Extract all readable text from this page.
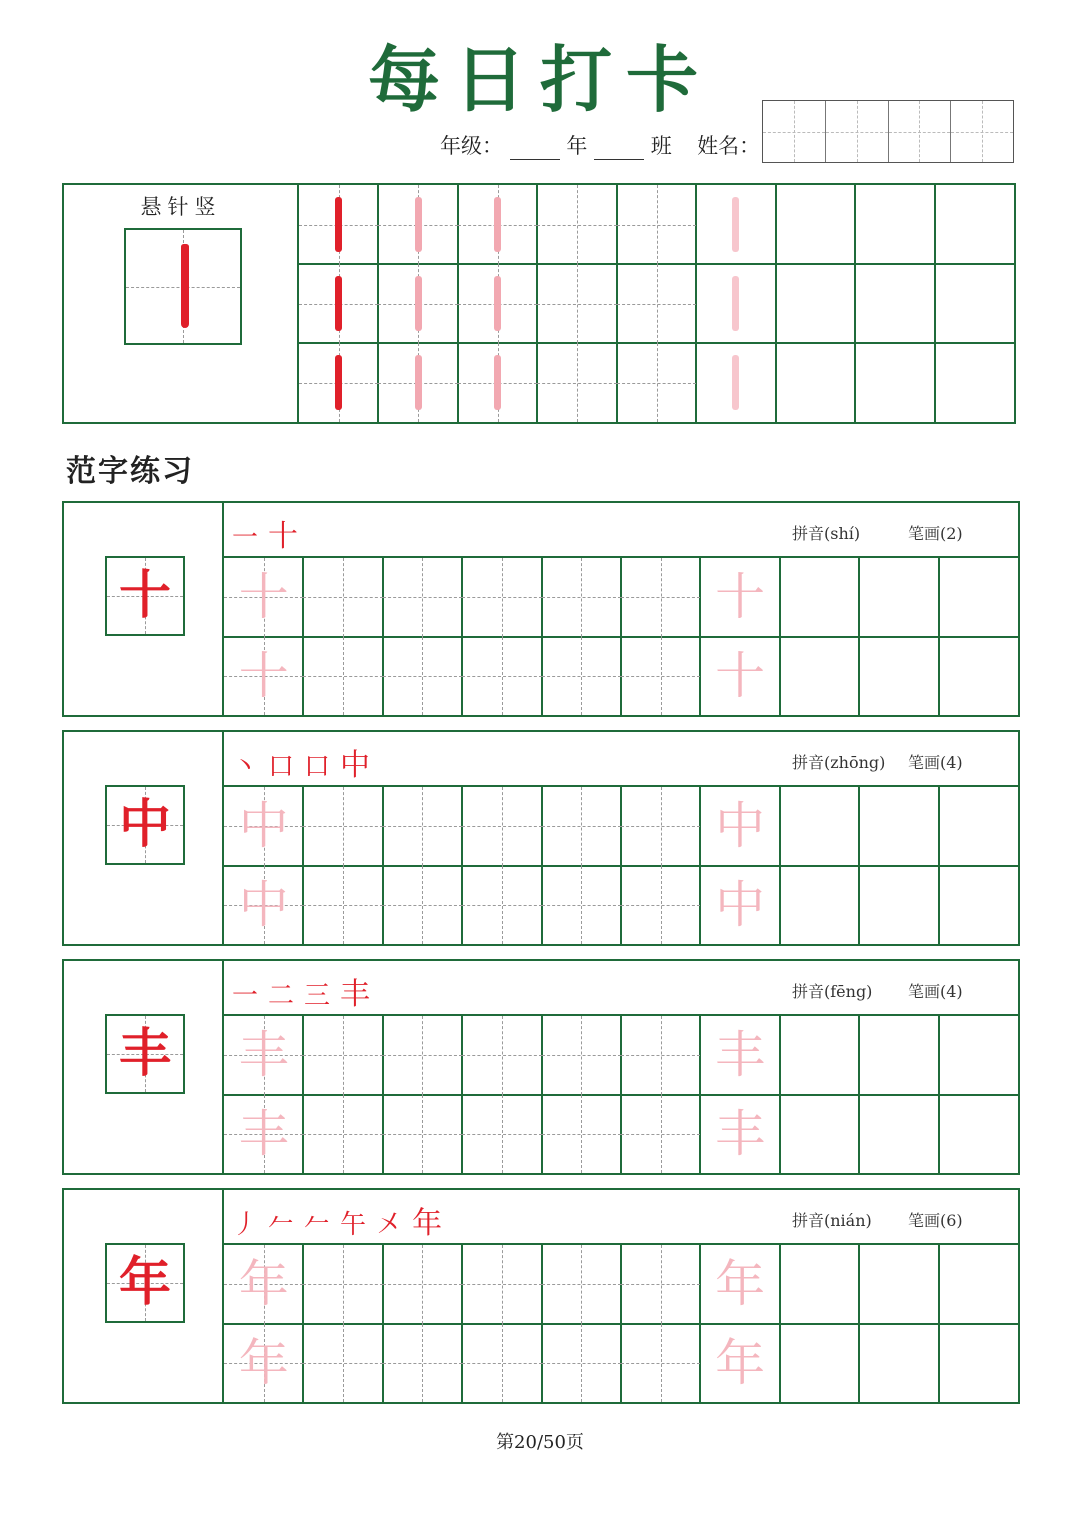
每日打卡
年级：	年	班 姓名：
悬针竖
范字练习
十
一 十	拼音(shí)	笔画(2)
十	十
十	十
中
丶 口 口 中	拼音(zhōng) 笔画(4)
中	中
中	中
丰
一 二 三 丰	拼音(fēng) 笔画(4)
丰	丰
丰	丰
年
丿 𠂉 𠂉 午 㐅 年	拼音(nián) 笔画(6)
年	年
年	年
第20/50页
